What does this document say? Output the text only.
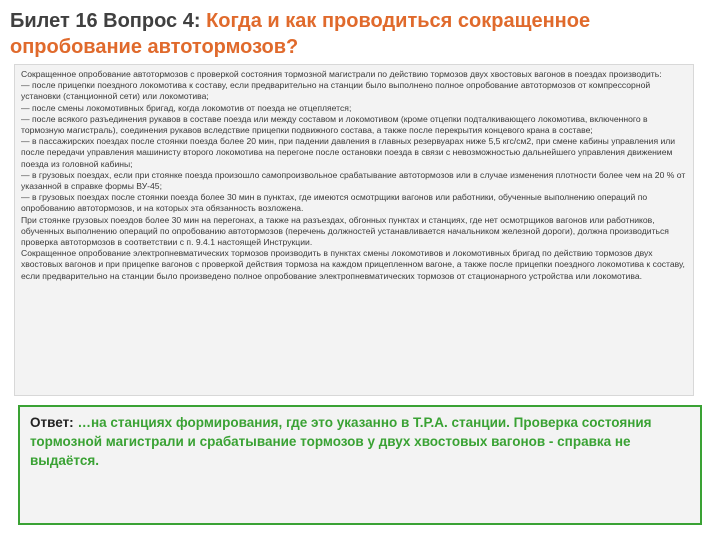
Билет 16 Вопрос 4: Когда и как проводиться сокращенное опробование автотормозов?

Сокращенное опробование автотормозов с проверкой состояния тормозной магистрали по действию тормозов двух хвостовых вагонов в поездах производить:

— после прицепки поездного локомотива к составу, если предварительно на станции было выполнено полное опробование автотормозов от компрессорной установки (станционной сети) или локомотива;

— после смены локомотивных бригад, когда локомотив от поезда не отцепляется;

— после всякого разъединения рукавов в составе поезда или между составом и локомотивом (кроме отцепки подталкивающего локомотива, включенного в тормозную магистраль), соединения рукавов вследствие прицепки подвижного состава, а также после перекрытия концевого крана в составе;

— в пассажирских поездах после стоянки поезда более 20 мин, при падении давления в главных резервуарах ниже 5,5 кгс/см2, при смене кабины управления или после передачи управления машинисту второго локомотива на перегоне после остановки поезда в связи с невозможностью дальнейшего управления движением поезда из головной кабины;

— в грузовых поездах, если при стоянке поезда произошло самопроизвольное срабатывание автотормозов или в случае изменения плотности более чем на 20 % от указанной в справке формы ВУ-45;

— в грузовых поездах после стоянки поезда более 30 мин в пунктах, где имеются осмотрщики вагонов или работники, обученные выполнению операций по опробованию автотормозов, и на которых эта обязанность возложена.

При стоянке грузовых поездов более 30 мин на перегонах, а также на разъездах, обгонных пунктах и станциях, где нет осмотрщиков вагонов или работников, обученных выполнению операций по опробованию автотормозов (перечень должностей устанавливается начальником железной дороги), должна производиться проверка автотормозов в соответствии с п. 9.4.1 настоящей Инструкции.

Сокращенное опробование электропневматических тормозов производить в пунктах смены локомотивов и локомотивных бригад по действию тормозов двух хвостовых вагонов и при прицепке вагонов с проверкой действия тормоза на каждом прицепленном вагоне, а также после прицепки поездного локомотива к составу, если предварительно на станции было произведено полное опробование электропневматических тормозов от стационарного устройства или локомотива.

Ответ: …на станциях формирования, где это указанно в Т.Р.А. станции. Проверка состояния тормозной магистрали и срабатывание тормозов у двух хвостовых вагонов - справка не выдаётся.
